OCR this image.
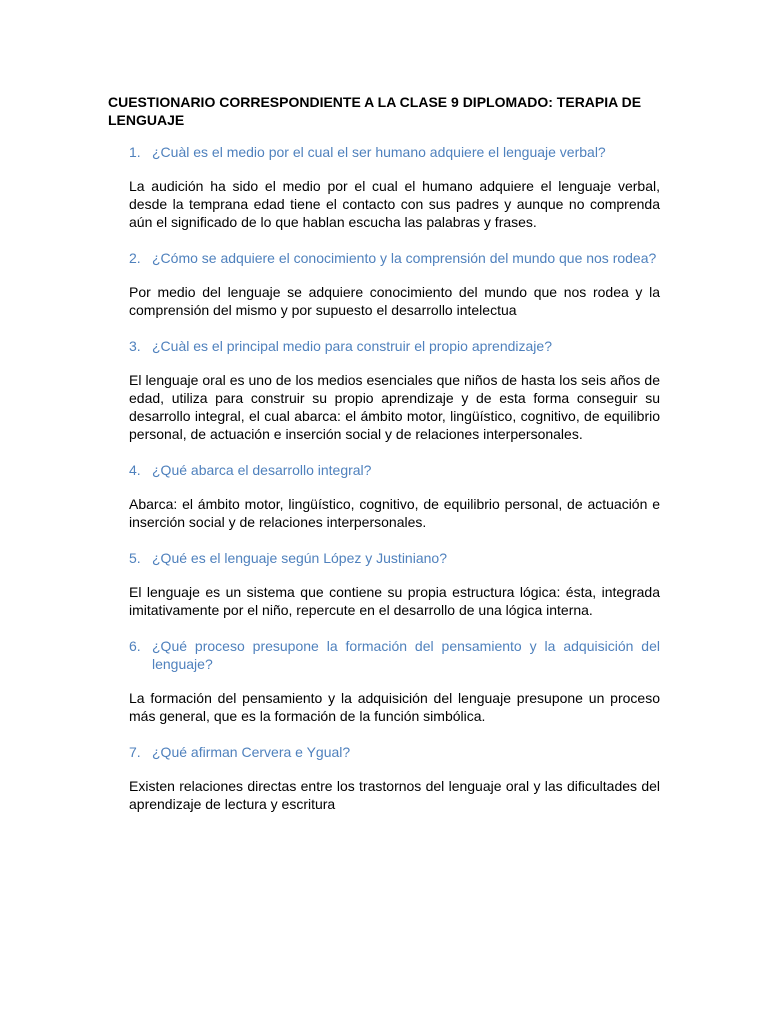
CUESTIONARIO CORRESPONDIENTE A LA CLASE 9 DIPLOMADO: TERAPIA DE LENGUAJE
1. ¿Cuàl es el medio por el cual el ser humano adquiere el lenguaje verbal?

La audición ha sido el medio por el cual el humano adquiere el lenguaje verbal, desde la temprana edad tiene el contacto con sus padres y aunque no comprenda aún el significado de lo que hablan escucha las palabras y frases.

2. ¿Cómo se adquiere el conocimiento y la comprensión del mundo que nos rodea?

Por medio del lenguaje se adquiere conocimiento del mundo que nos rodea y la comprensión del mismo y por supuesto el desarrollo intelectua

3. ¿Cuàl es el principal medio para construir el propio aprendizaje?

El lenguaje oral es uno de los medios esenciales que niños de hasta los seis años de edad, utiliza para construir su propio aprendizaje y de esta forma conseguir su desarrollo integral, el cual abarca: el ámbito motor, lingüístico, cognitivo, de equilibrio personal, de actuación e inserción social y de relaciones interpersonales.

4. ¿Qué abarca el desarrollo integral?

Abarca: el ámbito motor, lingüístico, cognitivo, de equilibrio personal, de actuación e inserción social y de relaciones interpersonales.

5. ¿Qué es el lenguaje según López y Justiniano?

El lenguaje es un sistema que contiene su propia estructura lógica: ésta, integrada imitativamente por el niño, repercute en el desarrollo de una lógica interna.

6. ¿Qué proceso presupone la formación del pensamiento y la adquisición del lenguaje?

La formación del pensamiento y la adquisición del lenguaje presupone un proceso más general, que es la formación de la función simbólica.

7. ¿Qué afirman Cervera e Ygual?

Existen relaciones directas entre los trastornos del lenguaje oral y las dificultades del aprendizaje de lectura y escritura
